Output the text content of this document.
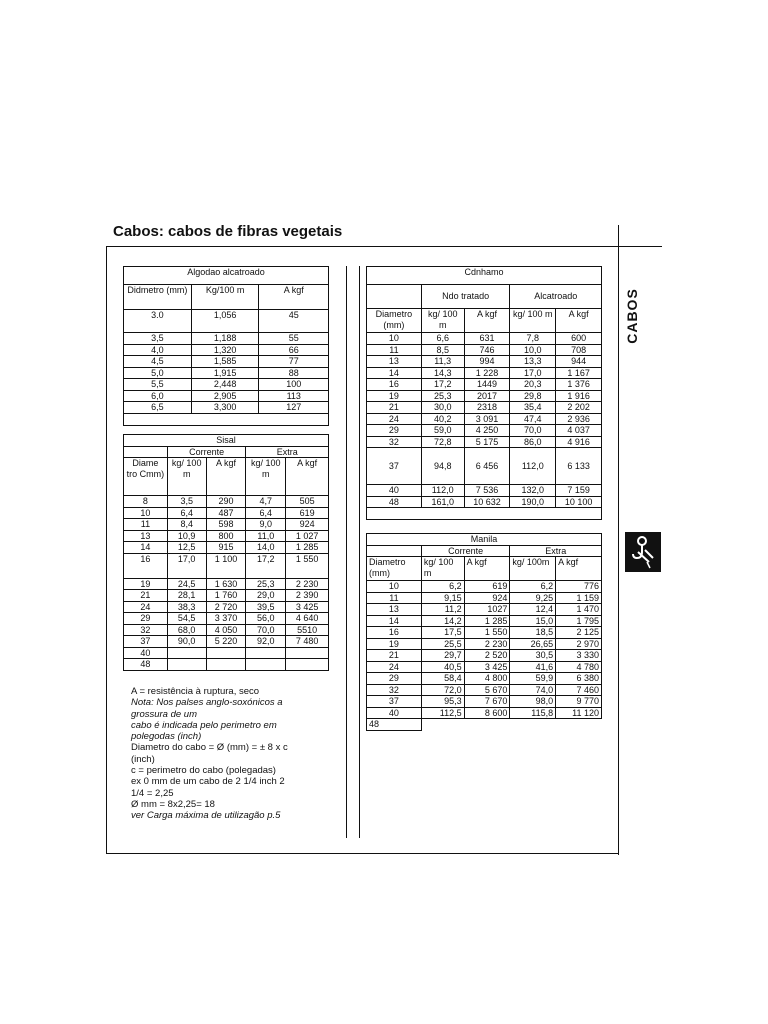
Cabos: cabos de fibras vegetais
CABOS
Algodao alcatroado		
Didmetro (mm)	Kg/100 m	A kgf
3.0	1,056	45
3,5	1,188	55
4,0	1,320	66
4,5	1,585	77
5,0	1,915	88
5,5	2,448	100
6,0	2,905	113
6,5	3,300	127

Sisal				
	Corrente		Extra	
Diame tro Cmm)	kg/ 100 m	A kgf	kg/ 100 m	A kgf
8	3,5	290	4,7	505
10	6,4	487	6,4	619
11	8,4	598	9,0	924
13	10,9	800	11,0	1 027
14	12,5	915	14,0	1 285
16	17,0	1 100	17,2	1 550
19	24,5	1 630	25,3	2 230
21	28,1	1 760	29,0	2 390
24	38,3	2 720	39,5	3 425
29	54,5	3 370	56,0	4 640
32	68,0	4 050	70,0	5510
37	90,0	5 220	92,0	7 480
40				
48				
A = resistência à ruptura, seco
Nota: Nos palses anglo-soxónicos a
grossura de um
cabo é indicada pelo perimetro em
polegodas (inch)
Diametro do cabo = Ø (mm) = ± 8 x c
(inch)
c = perimetro do cabo (polegadas)
ex 0 mm de um cabo de 2 1/4 inch 2
1/4 = 2,25
Ø mm = 8x2,25= 18
ver Carga máxima de utilizagão p.5
Cdnhamo				
	Ndo tratado		Alcatroado	
Diametro (mm)	kg/ 100 m	A kgf	kg/ 100 m	A kgf
10	6,6	631	7,8	600
11	8,5	746	10,0	708
13	11,3	994	13,3	944
14	14,3	1 228	17,0	1 167
16	17,2	1449	20,3	1 376
19	25,3	2017	29,8	1 916
21	30,0	2318	35,4	2 202
24	40,2	3 091	47,4	2 936
29	59,0	4 250	70,0	4 037
32	72,8	5 175	86,0	4 916
37	94,8	6 456	112,0	6 133
40	112,0	7 536	132,0	7 159
48	161,0	10 632	190,0	10 100

Manila				
	Corrente		Extra	
Diametro (mm)	kg/ 100 m	A kgf	kg/ 100m	A kgf
10	6,2	619	6,2	776
11	9,15	924	9,25	1 159
13	11,2	1027	12,4	1 470
14	14,2	1 285	15,0	1 795
16	17,5	1 550	18,5	2 125
19	25,5	2 230	26,65	2 970
21	29,7	2 520	30,5	3 330
24	40,5	3 425	41,6	4 780
29	58,4	4 800	59,9	6 380
32	72,0	5 670	74,0	7 460
37	95,3	7 670	98,0	9 770
40	112,5	8 600	115,8	11 120
48				
